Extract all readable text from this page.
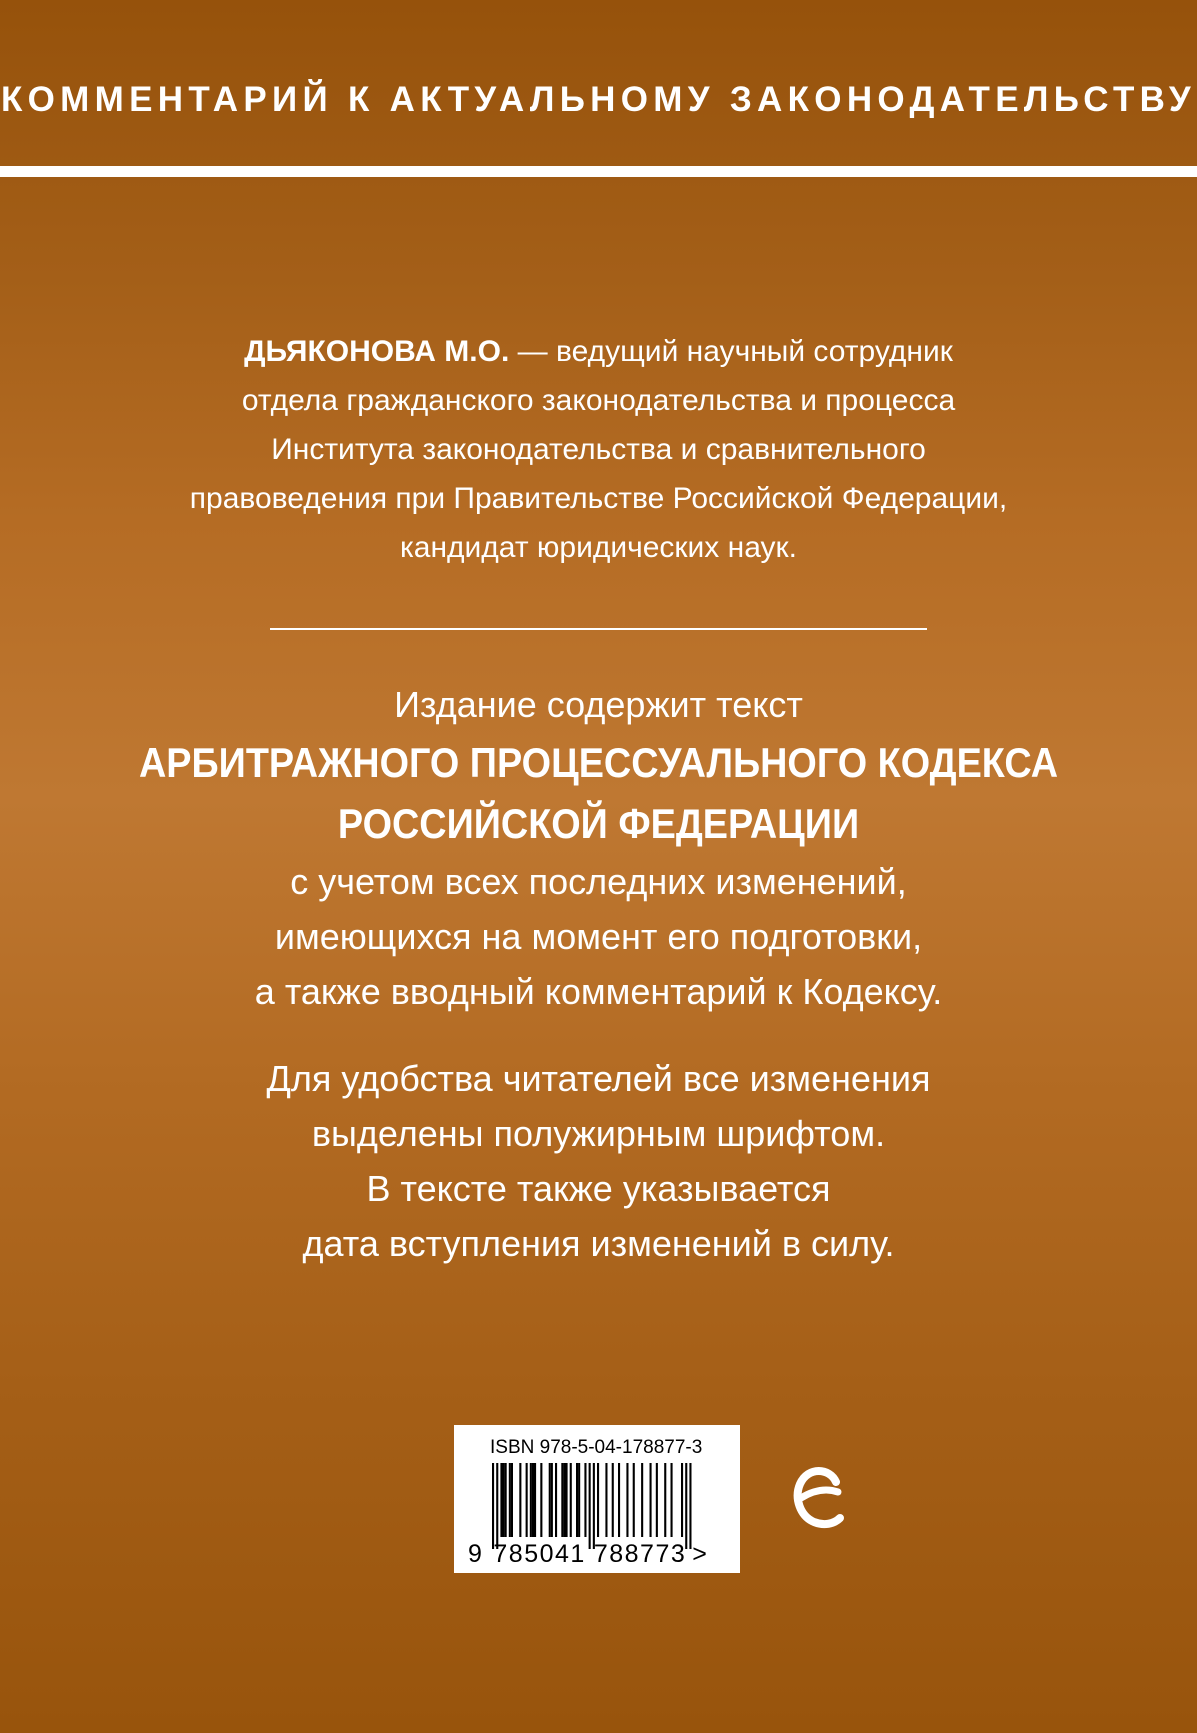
КОММЕНТАРИЙ К АКТУАЛЬНОМУ ЗАКОНОДАТЕЛЬСТВУ
ДЬЯКОНОВА М.О. — ведущий научный сотрудник
отдела гражданского законодательства и процесса
Института законодательства и сравнительного
правоведения при Правительстве Российской Федерации,
кандидат юридических наук.
Издание содержит текст
АРБИТРАЖНОГО ПРОЦЕССУАЛЬНОГО КОДЕКСА
РОССИЙСКОЙ ФЕДЕРАЦИИ
с учетом всех последних изменений,
имеющихся на момент его подготовки,
а также вводный комментарий к Кодексу.
Для удобства читателей все изменения
выделены полужирным шрифтом.
В тексте также указывается
дата вступления изменений в силу.
ISBN 978-5-04-178877-3
9 785041 788773 >
